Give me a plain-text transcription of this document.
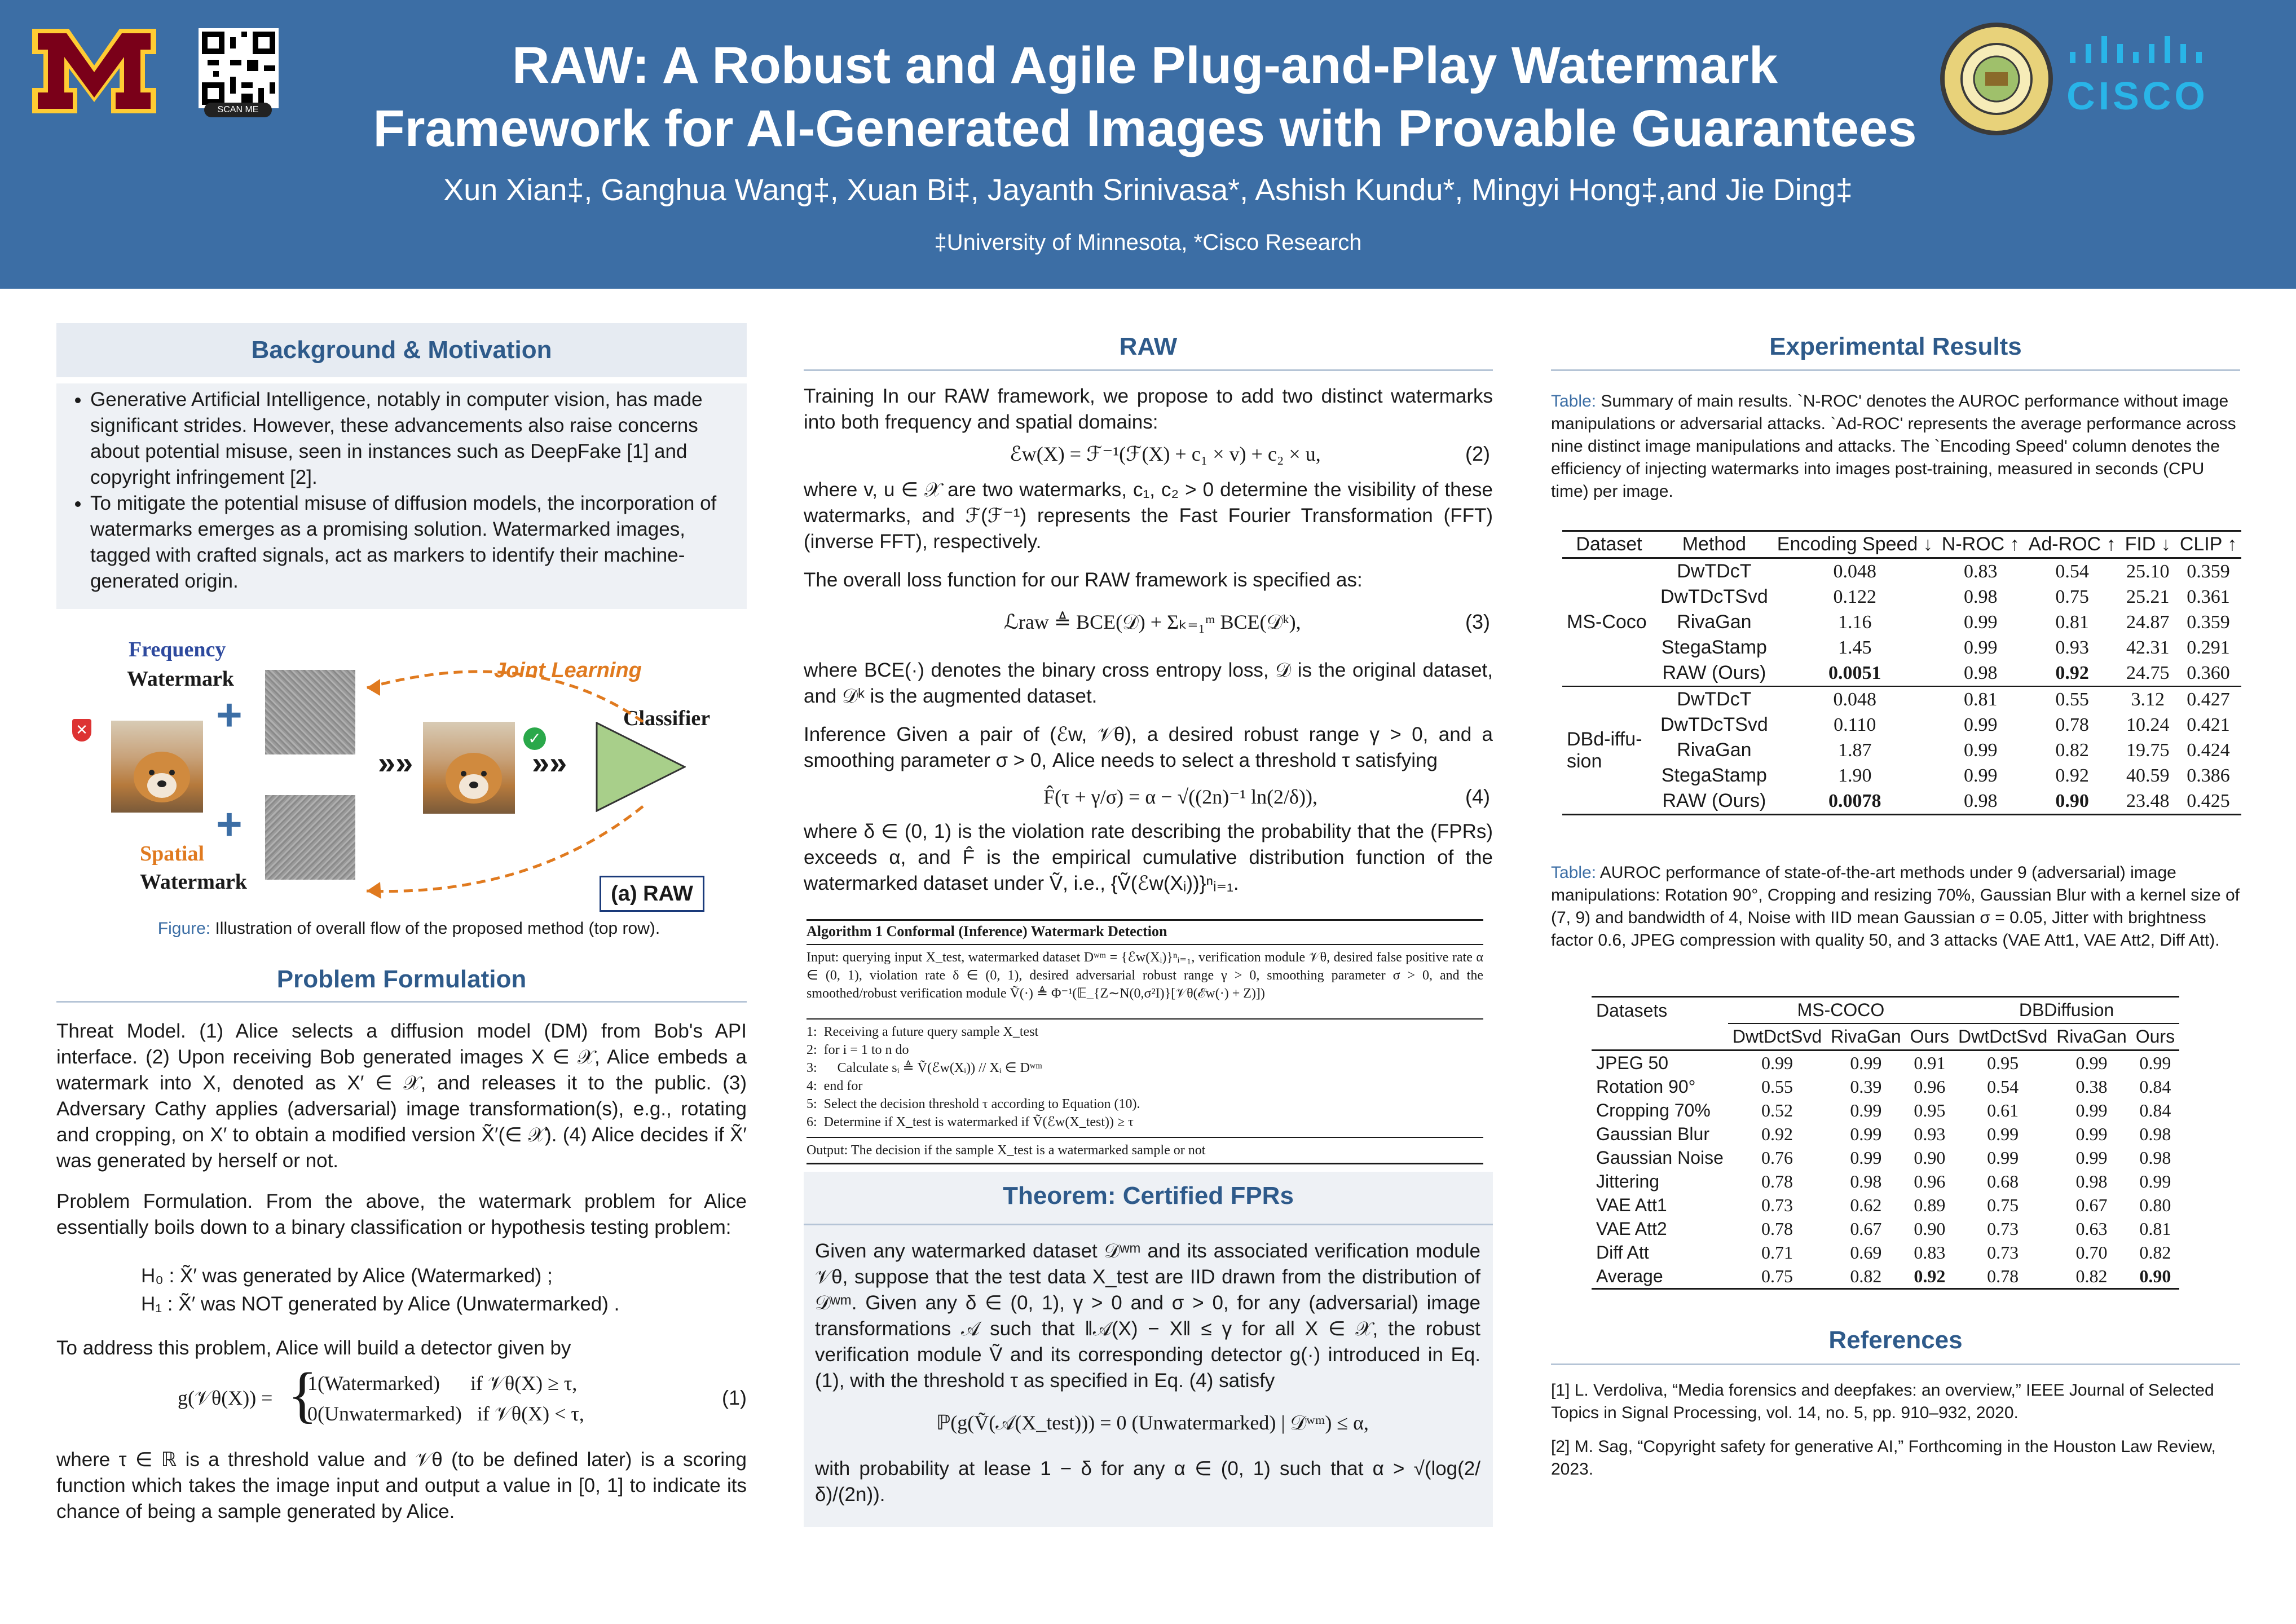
SCAN ME
RAW: A Robust and Agile Plug-and-Play Watermark
Framework for AI-Generated Images with Provable Guarantees
Xun Xian‡, Ganghua Wang‡, Xuan Bi‡, Jayanth Srinivasa*, Ashish Kundu*, Mingyi Hong‡,and Jie Ding‡
‡University of Minnesota, *Cisco Research
CISCO
Background & Motivation
• Generative Artificial Intelligence, notably in computer vision, has made significant strides. However, these advancements also raise concerns about potential misuse, seen in instances such as DeepFake [1] and copyright infringement [2].
• To mitigate the potential misuse of diffusion models, the incorporation of watermarks emerges as a promising solution. Watermarked images, tagged with crafted signals, act as markers to identify their machine-generated origin.
Frequency
Watermark
+
✕
+
Spatial
Watermark
»»
✓
»»
Classifier
Joint Learning
(a) RAW
Figure: Illustration of overall flow of the proposed method (top row).
Problem Formulation
Threat Model. (1) Alice selects a diffusion model (DM) from Bob's API interface. (2) Upon receiving Bob generated images X ∈ 𝒳, Alice embeds a watermark into X, denoted as X′ ∈ 𝒳, and releases it to the public. (3) Adversary Cathy applies (adversarial) image transformation(s), e.g., rotating and cropping, on X′ to obtain a modified version X̃′(∈ 𝒳). (4) Alice decides if X̃′ was generated by herself or not.
Problem Formulation. From the above, the watermark problem for Alice essentially boils down to a binary classification or hypothesis testing problem:
H₀ : X̃′ was generated by Alice (Watermarked) ;
H₁ : X̃′ was NOT generated by Alice (Unwatermarked) .
To address this problem, Alice will build a detector given by
g(𝒱θ(X)) = {
1(Watermarked)      if 𝒱θ(X) ≥ τ,
0(Unwatermarked)   if 𝒱θ(X) < τ,
(1)
where τ ∈ ℝ is a threshold value and 𝒱θ (to be defined later) is a scoring function which takes the image input and output a value in [0, 1] to indicate its chance of being a sample generated by Alice.
RAW
Training In our RAW framework, we propose to add two distinct watermarks into both frequency and spatial domains:
ℰw(X) = ℱ⁻¹(ℱ(X) + c₁ × v) + c₂ × u,	(2)
where v, u ∈ 𝒳 are two watermarks, c₁, c₂ > 0 determine the visibility of these watermarks, and ℱ(ℱ⁻¹) represents the Fast Fourier Transformation (FFT) (inverse FFT), respectively.
The overall loss function for our RAW framework is specified as:
ℒraw ≜ BCE(𝒟) + Σₖ₌₁ᵐ BCE(𝒟ᵏ),	(3)
where BCE(·) denotes the binary cross entropy loss, 𝒟 is the original dataset, and 𝒟ᵏ is the augmented dataset.
Inference Given a pair of (ℰw, 𝒱θ), a desired robust range γ > 0, and a smoothing parameter σ > 0, Alice needs to select a threshold τ satisfying
F̂(τ + γ/σ) = α − √((2n)⁻¹ ln(2/δ)),	(4)
where δ ∈ (0, 1) is the violation rate describing the probability that the (FPRs) exceeds α, and F̂ is the empirical cumulative distribution function of the watermarked dataset under Ṽ, i.e., {Ṽ(ℰw(Xᵢ))}ⁿᵢ₌₁.
Algorithm 1 Conformal (Inference) Watermark Detection
Input: querying input X_test, watermarked dataset Dʷᵐ = {ℰw(Xᵢ)}ⁿᵢ₌₁, verification module 𝒱θ, desired false positive rate α ∈ (0, 1), violation rate δ ∈ (0, 1), desired adversarial robust range γ > 0, smoothing parameter σ > 0, and the smoothed/robust verification module Ṽ(·) ≜ Φ⁻¹(𝔼_{Z∼N(0,σ²I)}[𝒱θ(ℰw(·) + Z)])
1:  Receiving a future query sample X_test
2:  for i = 1 to n do
3:      Calculate sᵢ ≜ Ṽ(ℰw(Xᵢ)) // Xᵢ ∈ Dʷᵐ
4:  end for
5:  Select the decision threshold τ according to Equation (10).
6:  Determine if X_test is watermarked if Ṽ(ℰw(X_test)) ≥ τ
Output: The decision if the sample X_test is a watermarked sample or not
Theorem: Certified FPRs
Given any watermarked dataset 𝒟ʷᵐ and its associated verification module 𝒱θ, suppose that the test data X_test are IID drawn from the distribution of 𝒟ʷᵐ. Given any δ ∈ (0, 1), γ > 0 and σ > 0, for any (adversarial) image transformations 𝒜 such that ‖𝒜(X) − X‖ ≤ γ for all X ∈ 𝒳, the robust verification module Ṽ and its corresponding detector g(·) introduced in Eq. (1), with the threshold τ as specified in Eq. (4) satisfy
ℙ(g(Ṽ(𝒜(X_test))) = 0 (Unwatermarked) | 𝒟ʷᵐ) ≤ α,
with probability at lease 1 − δ for any α ∈ (0, 1) such that α > √(log(2/δ)/(2n)).
Experimental Results
Table: Summary of main results. `N-ROC' denotes the AUROC performance without image manipulations or adversarial attacks. `Ad-ROC' represents the average performance across nine distinct image manipulations and attacks. The `Encoding Speed' column denotes the efficiency of injecting watermarks into images post-training, measured in seconds (CPU time) per image.
Dataset	Method	Encoding Speed ↓	N-ROC ↑	Ad-ROC ↑	FID ↓	CLIP ↑
MS-Coco	DwTDcT	0.048	0.83	0.54	25.10	0.359
	DwTDcTSvd	0.122	0.98	0.75	25.21	0.361
	RivaGan	1.16	0.99	0.81	24.87	0.359
	StegaStamp	1.45	0.99	0.93	42.31	0.291
	RAW (Ours)	0.0051	0.98	0.92	24.75	0.360
DBd-iffu-sion	DwTDcT	0.048	0.81	0.55	3.12	0.427
	DwTDcTSvd	0.110	0.99	0.78	10.24	0.421
	RivaGan	1.87	0.99	0.82	19.75	0.424
	StegaStamp	1.90	0.99	0.92	40.59	0.386
	RAW (Ours)	0.0078	0.98	0.90	23.48	0.425
Table: AUROC performance of state-of-the-art methods under 9 (adversarial) image manipulations: Rotation 90°, Cropping and resizing 70%, Gaussian Blur with a kernel size of (7, 9) and bandwidth of 4, Noise with IID mean Gaussian σ = 0.05, Jitter with brightness factor 0.6, JPEG compression with quality 50, and 3 attacks (VAE Att1, VAE Att2, Diff Att).
Datasets	MS-COCO			DBDiffusion		
	DwtDctSvd	RivaGan	Ours	DwtDctSvd	RivaGan	Ours
JPEG 50	0.99	0.99	0.91	0.95	0.99	0.99
Rotation 90°	0.55	0.39	0.96	0.54	0.38	0.84
Cropping 70%	0.52	0.99	0.95	0.61	0.99	0.84
Gaussian Blur	0.92	0.99	0.93	0.99	0.99	0.98
Gaussian Noise	0.76	0.99	0.90	0.99	0.99	0.98
Jittering	0.78	0.98	0.96	0.68	0.98	0.99
VAE Att1	0.73	0.62	0.89	0.75	0.67	0.80
VAE Att2	0.78	0.67	0.90	0.73	0.63	0.81
Diff Att	0.71	0.69	0.83	0.73	0.70	0.82
Average	0.75	0.82	0.92	0.78	0.82	0.90
References
[1] L. Verdoliva, “Media forensics and deepfakes: an overview,” IEEE Journal of Selected Topics in Signal Processing, vol. 14, no. 5, pp. 910–932, 2020.
[2] M. Sag, “Copyright safety for generative AI,” Forthcoming in the Houston Law Review, 2023.
